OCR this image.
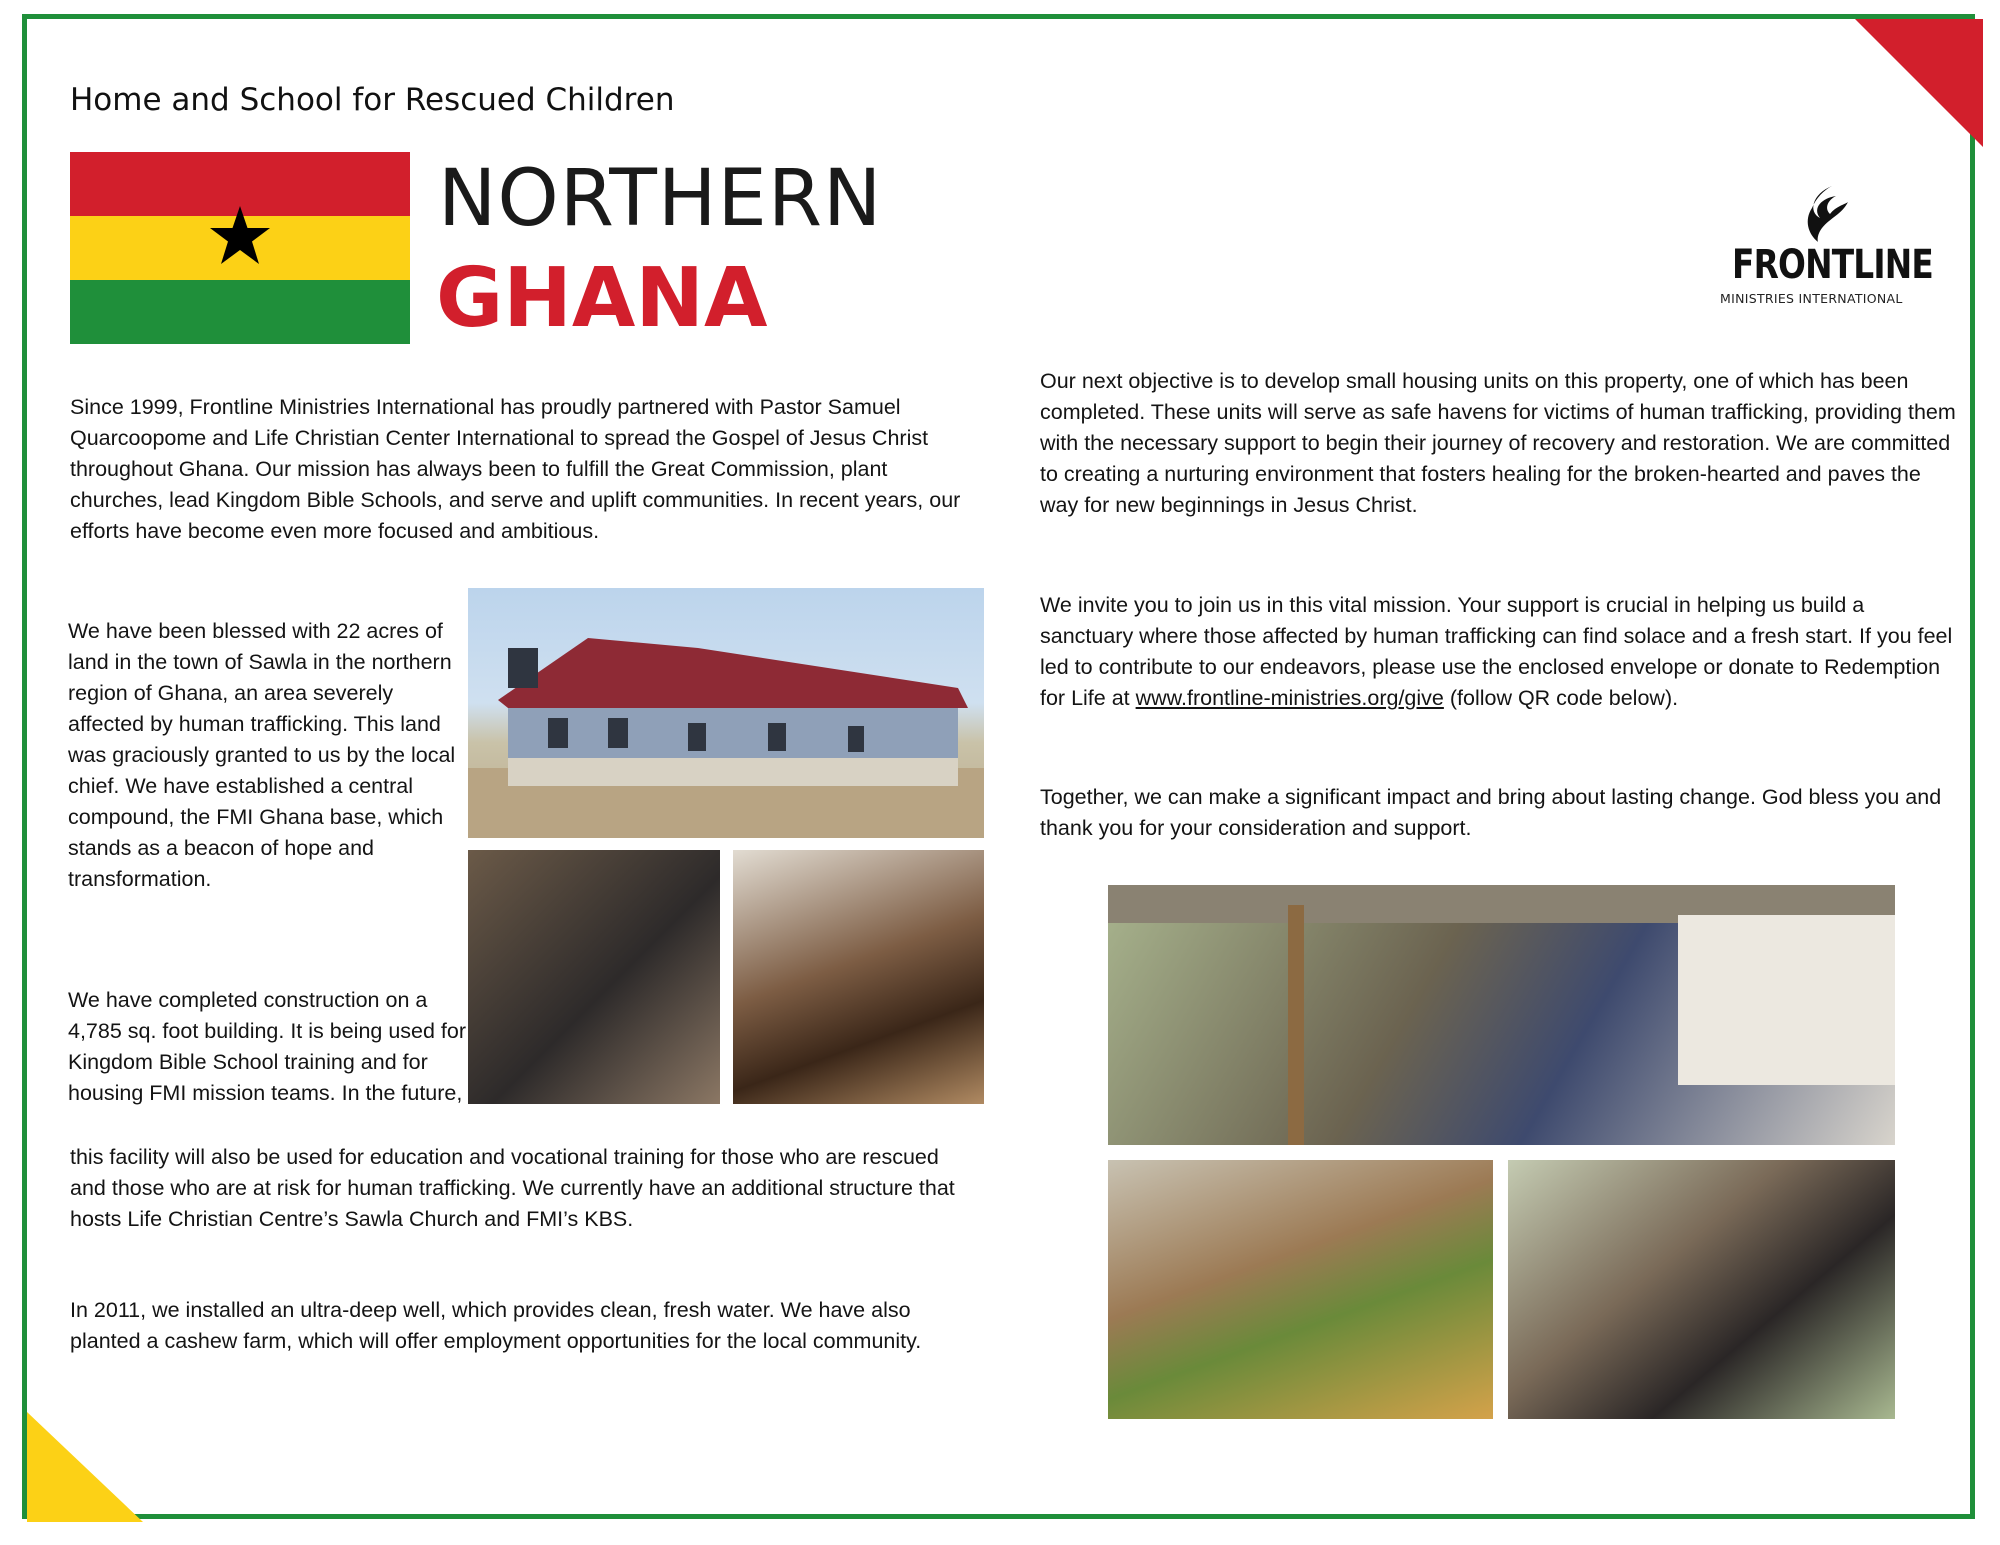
Home and School for Rescued Children
NORTHERN
GHANA	FRONTLINE
MINISTRIES INTERNATIONAL

Since 1999, Frontline Ministries International has proudly partnered with Pastor Samuel Quarcoopome and Life Christian Center International to spread the Gospel of Jesus Christ throughout Ghana. Our mission has always been to fulfill the Great Commission, plant churches, lead Kingdom Bible Schools, and serve and uplift communities. In recent years, our efforts have become even more focused and ambitious.

We have been blessed with 22 acres of land in the town of Sawla in the northern region of Ghana, an area severely affected by human trafficking. This land was graciously granted to us by the local chief. We have established a central compound, the FMI Ghana base, which stands as a beacon of hope and transformation.

We have completed construction on a 4,785 sq. foot building. It is being used for Kingdom Bible School training and for housing FMI mission teams. In the future,

this facility will also be used for education and vocational training for those who are rescued and those who are at risk for human trafficking. We currently have an additional structure that hosts Life Christian Centre’s Sawla Church and FMI’s KBS.

In 2011, we installed an ultra-deep well, which provides clean, fresh water. We have also planted a cashew farm, which will offer employment opportunities for the local community.

Our next objective is to develop small housing units on this property, one of which has been completed. These units will serve as safe havens for victims of human trafficking, providing them with the necessary support to begin their journey of recovery and restoration. We are committed to creating a nurturing environment that fosters healing for the broken-hearted and paves the way for new beginnings in Jesus Christ.

We invite you to join us in this vital mission. Your support is crucial in helping us build a sanctuary where those affected by human trafficking can find solace and a fresh start. If you feel led to contribute to our endeavors, please use the enclosed envelope or donate to Redemption for Life at www.frontline-ministries.org/give (follow QR code below).

Together, we can make a significant impact and bring about lasting change. God bless you and thank you for your consideration and support.
